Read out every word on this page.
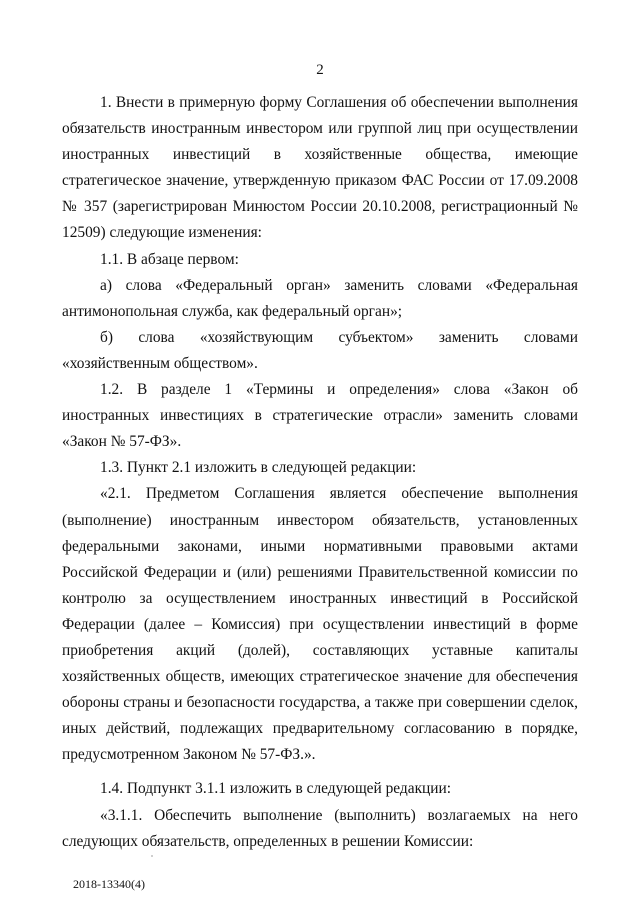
2

1. Внести в примерную форму Соглашения об обеспечении выполнения обязательств иностранным инвестором или группой лиц при осуществлении иностранных инвестиций в хозяйственные общества, имеющие стратегическое значение, утвержденную приказом ФАС России от 17.09.2008 № 357 (зарегистрирован Минюстом России 20.10.2008, регистрационный № 12509) следующие изменения:

1.1. В абзаце первом:

а) слова «Федеральный орган» заменить словами «Федеральная антимонопольная служба, как федеральный орган»;

б) слова «хозяйствующим субъектом» заменить словами «хозяйственным обществом».

1.2. В разделе 1 «Термины и определения» слова «Закон об иностранных инвестициях в стратегические отрасли» заменить словами «Закон № 57-ФЗ».

1.3. Пункт 2.1 изложить в следующей редакции:

«2.1. Предметом Соглашения является обеспечение выполнения (выполнение) иностранным инвестором обязательств, установленных федеральными законами, иными нормативными правовыми актами Российской Федерации и (или) решениями Правительственной комиссии по контролю за осуществлением иностранных инвестиций в Российской Федерации (далее – Комиссия) при осуществлении инвестиций в форме приобретения акций (долей), составляющих уставные капиталы хозяйственных обществ, имеющих стратегическое значение для обеспечения обороны страны и безопасности государства, а также при совершении сделок, иных действий, подлежащих предварительному согласованию в порядке, предусмотренном Законом № 57-ФЗ.».

1.4. Подпункт 3.1.1 изложить в следующей редакции:

«3.1.1. Обеспечить выполнение (выполнить) возлагаемых на него следующих обязательств, определенных в решении Комиссии:

2018-13340(4)
